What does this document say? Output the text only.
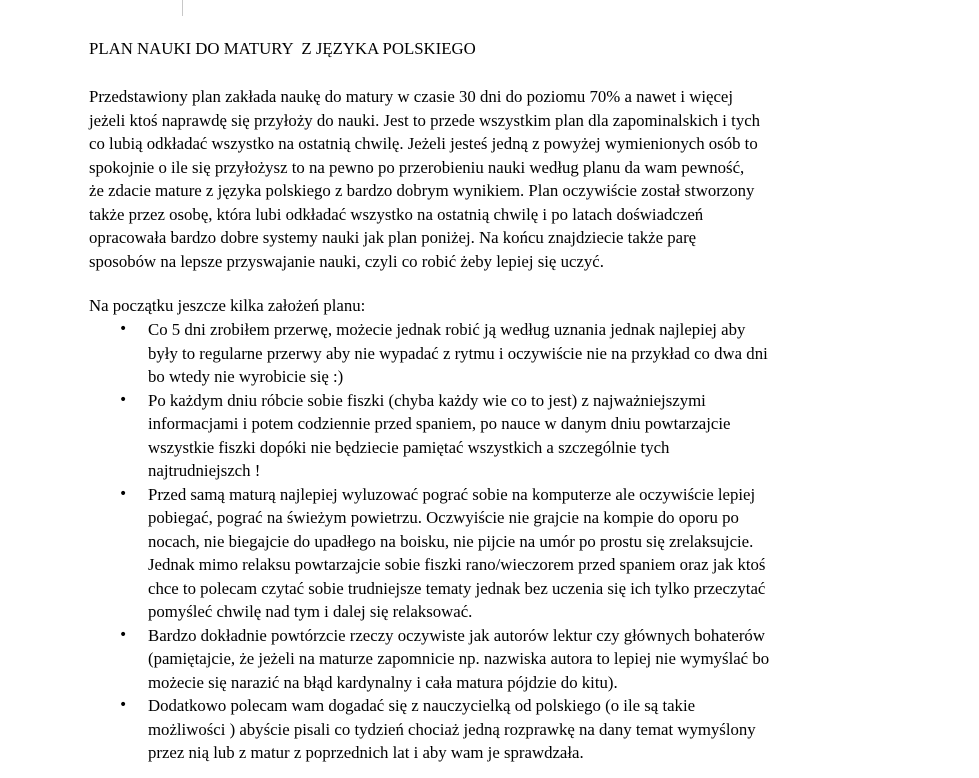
PLAN NAUKI DO MATURY  Z JĘZYKA POLSKIEGO

Przedstawiony plan zakłada naukę do matury w czasie 30 dni do poziomu 70% a nawet i więcej
jeżeli ktoś naprawdę się przyłoży do nauki. Jest to przede wszystkim plan dla zapominalskich i tych
co lubią odkładać wszystko na ostatnią chwilę. Jeżeli jesteś jedną z powyżej wymienionych osób to
spokojnie o ile się przyłożysz to na pewno po przerobieniu nauki według planu da wam pewność,
że zdacie mature z języka polskiego z bardzo dobrym wynikiem. Plan oczywiście został stworzony
także przez osobę, która lubi odkładać wszystko na ostatnią chwilę i po latach doświadczeń
opracowała bardzo dobre systemy nauki jak plan poniżej. Na końcu znajdziecie także parę
sposobów na lepsze przyswajanie nauki, czyli co robić żeby lepiej się uczyć.

Na początku jeszcze kilka założeń planu:

• Co 5 dni zrobiłem przerwę, możecie jednak robić ją według uznania jednak najlepiej aby
były to regularne przerwy aby nie wypadać z rytmu i oczywiście nie na przykład co dwa dni
bo wtedy nie wyrobicie się :)
• Po każdym dniu róbcie sobie fiszki (chyba każdy wie co to jest) z najważniejszymi
informacjami i potem codziennie przed spaniem, po nauce w danym dniu powtarzajcie
wszystkie fiszki dopóki nie będziecie pamiętać wszystkich a szczególnie tych
najtrudniejszch !
• Przed samą maturą najlepiej wyluzować pograć sobie na komputerze ale oczywiście lepiej
pobiegać, pograć na świeżym powietrzu. Oczwyiście nie grajcie na kompie do oporu po
nocach, nie biegajcie do upadłego na boisku, nie pijcie na umór po prostu się zrelaksujcie.
Jednak mimo relaksu powtarzajcie sobie fiszki rano/wieczorem przed spaniem oraz jak ktoś
chce to polecam czytać sobie trudniejsze tematy jednak bez uczenia się ich tylko przeczytać
pomyśleć chwilę nad tym i dalej się relaksować.
• Bardzo dokładnie powtórzcie rzeczy oczywiste jak autorów lektur czy głównych bohaterów
(pamiętajcie, że jeżeli na maturze zapomnicie np. nazwiska autora to lepiej nie wymyślać bo
możecie się narazić na błąd kardynalny i cała matura pójdzie do kitu).
• Dodatkowo polecam wam dogadać się z nauczycielką od polskiego (o ile są takie
możliwości ) abyście pisali co tydzień chociaż jedną rozprawkę na dany temat wymyślony
przez nią lub z matur z poprzednich lat i aby wam je sprawdzała.
